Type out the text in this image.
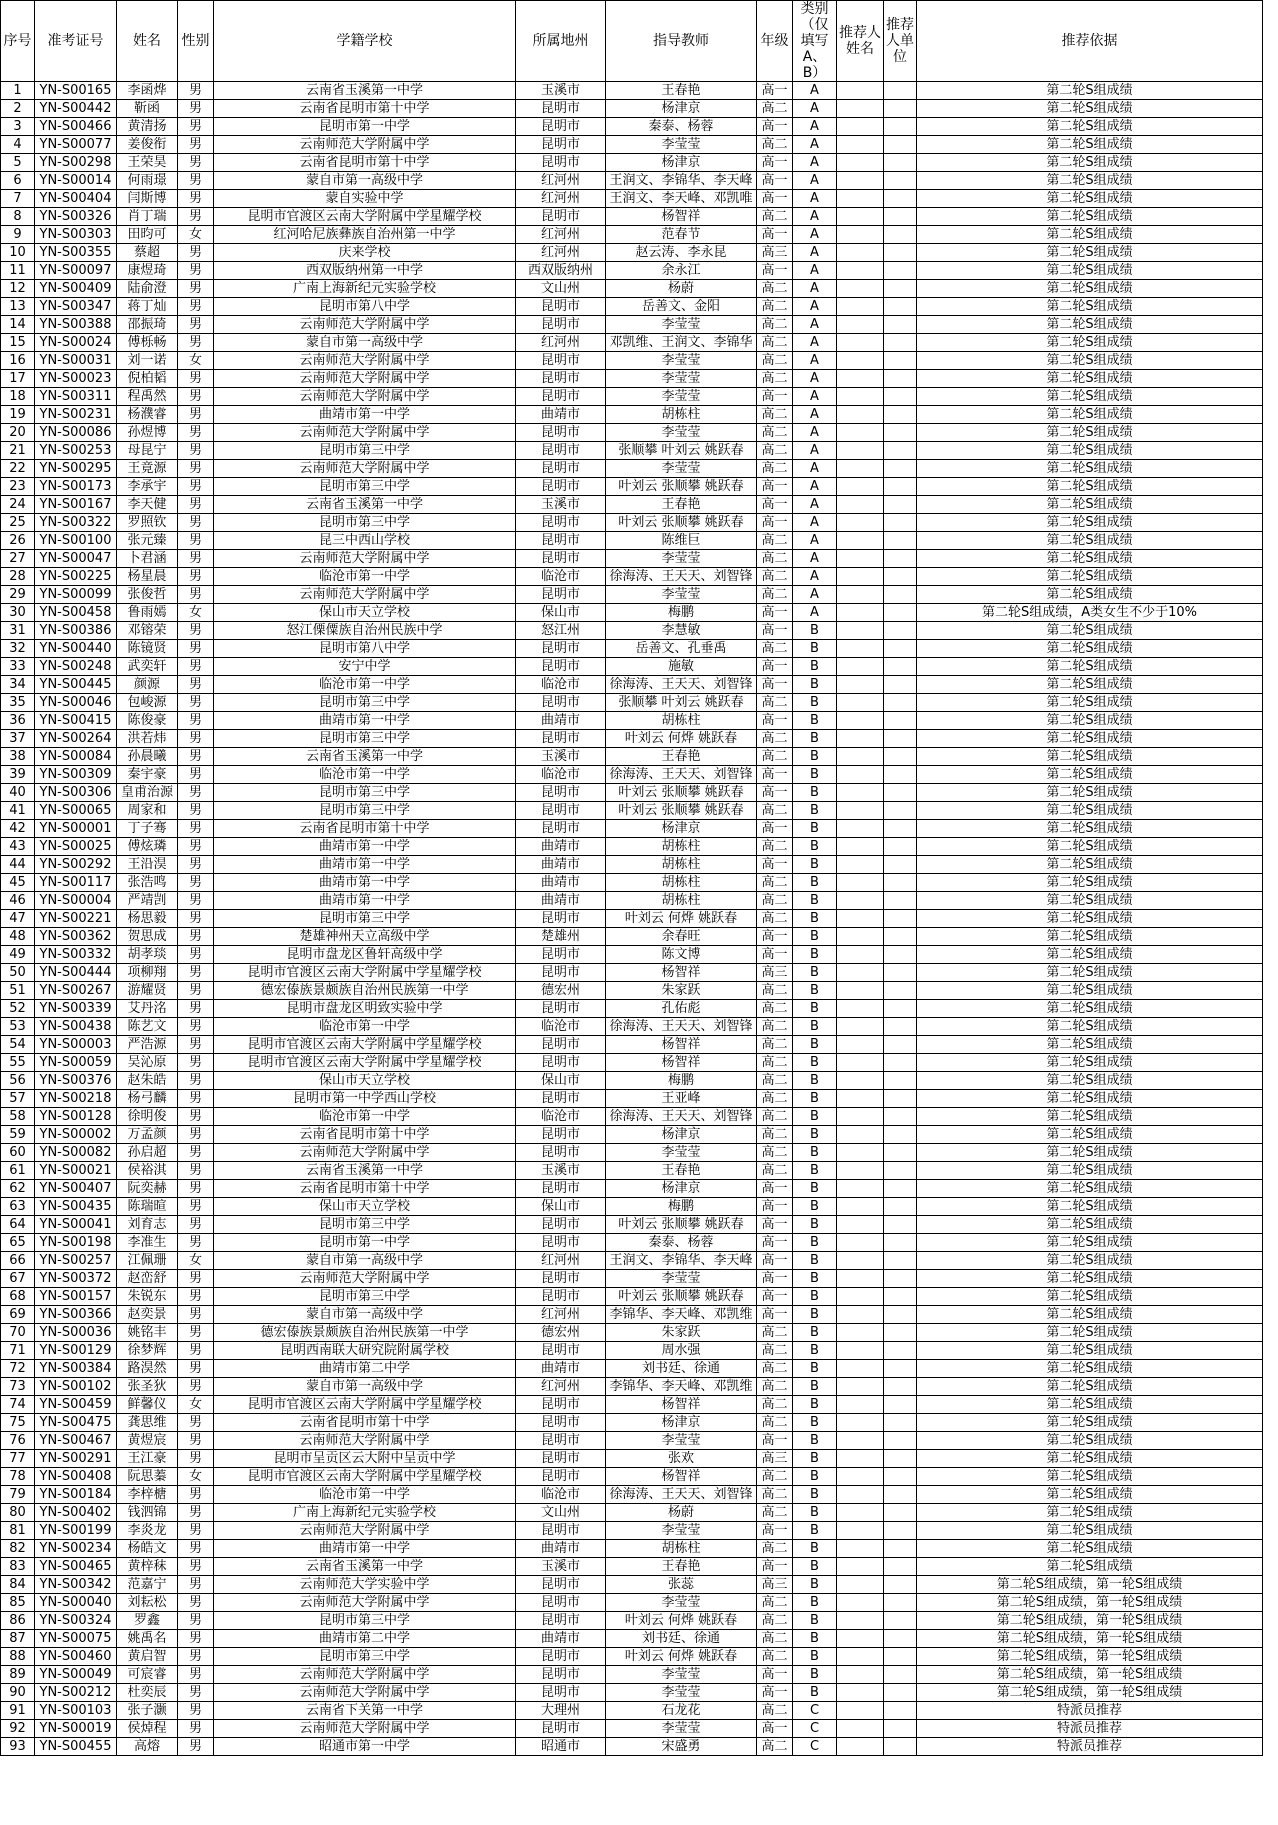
序号	准考证号	姓名	性别	学籍学校	所属地州	指导教师	年级	类别（仅填写A、B）	推荐人姓名	推荐人单位	推荐依据
1	YN-S00165	李函烨	男	云南省玉溪第一中学	玉溪市	王春艳	高一	A			第二轮S组成绩
2	YN-S00442	靳函	男	云南省昆明市第十中学	昆明市	杨津京	高二	A			第二轮S组成绩
3	YN-S00466	黄清扬	男	昆明市第一中学	昆明市	秦泰、杨蓉	高一	A			第二轮S组成绩
4	YN-S00077	姜俊衔	男	云南师范大学附属中学	昆明市	李莹莹	高二	A			第二轮S组成绩
5	YN-S00298	王荣昊	男	云南省昆明市第十中学	昆明市	杨津京	高一	A			第二轮S组成绩
6	YN-S00014	何雨璟	男	蒙自市第一高级中学	红河州	王润文、李锦华、李天峰	高一	A			第二轮S组成绩
7	YN-S00404	闫斯博	男	蒙自实验中学	红河州	王润文、李天峰、邓凯唯	高一	A			第二轮S组成绩
8	YN-S00326	肖丁瑞	男	昆明市官渡区云南大学附属中学星耀学校	昆明市	杨智祥	高二	A			第二轮S组成绩
9	YN-S00303	田昀可	女	红河哈尼族彝族自治州第一中学	红河州	范春节	高一	A			第二轮S组成绩
10	YN-S00355	蔡超	男	庆来学校	红河州	赵云涛、李永昆	高三	A			第二轮S组成绩
11	YN-S00097	康煜琦	男	西双版纳州第一中学	西双版纳州	余永江	高一	A			第二轮S组成绩
12	YN-S00409	陆俞澄	男	广南上海新纪元实验学校	文山州	杨蔚	高二	A			第二轮S组成绩
13	YN-S00347	蒋丁灿	男	昆明市第八中学	昆明市	岳善文、金阳	高二	A			第二轮S组成绩
14	YN-S00388	邵振琦	男	云南师范大学附属中学	昆明市	李莹莹	高二	A			第二轮S组成绩
15	YN-S00024	傅栎畅	男	蒙自市第一高级中学	红河州	邓凯维、王润文、李锦华	高二	A			第二轮S组成绩
16	YN-S00031	刘一诺	女	云南师范大学附属中学	昆明市	李莹莹	高二	A			第二轮S组成绩
17	YN-S00023	倪柏韬	男	云南师范大学附属中学	昆明市	李莹莹	高二	A			第二轮S组成绩
18	YN-S00311	程禹然	男	云南师范大学附属中学	昆明市	李莹莹	高一	A			第二轮S组成绩
19	YN-S00231	杨濮睿	男	曲靖市第一中学	曲靖市	胡栋柱	高二	A			第二轮S组成绩
20	YN-S00086	孙煜博	男	云南师范大学附属中学	昆明市	李莹莹	高二	A			第二轮S组成绩
21	YN-S00253	母昆宁	男	昆明市第三中学	昆明市	张顺攀 叶刘云 姚跃春	高二	A			第二轮S组成绩
22	YN-S00295	王竟源	男	云南师范大学附属中学	昆明市	李莹莹	高二	A			第二轮S组成绩
23	YN-S00173	李承宇	男	昆明市第三中学	昆明市	叶刘云 张顺攀 姚跃春	高一	A			第二轮S组成绩
24	YN-S00167	李天健	男	云南省玉溪第一中学	玉溪市	王春艳	高一	A			第二轮S组成绩
25	YN-S00322	罗照钦	男	昆明市第三中学	昆明市	叶刘云 张顺攀 姚跃春	高一	A			第二轮S组成绩
26	YN-S00100	张元臻	男	昆三中西山学校	昆明市	陈维巨	高二	A			第二轮S组成绩
27	YN-S00047	卜君涵	男	云南师范大学附属中学	昆明市	李莹莹	高二	A			第二轮S组成绩
28	YN-S00225	杨星晨	男	临沧市第一中学	临沧市	徐海涛、王天天、刘智锋	高二	A			第二轮S组成绩
29	YN-S00099	张俊哲	男	云南师范大学附属中学	昆明市	李莹莹	高二	A			第二轮S组成绩
30	YN-S00458	鲁雨嫣	女	保山市天立学校	保山市	梅鹏	高一	A			第二轮S组成绩，A类女生不少于10%
31	YN-S00386	邓镕荣	男	怒江傈僳族自治州民族中学	怒江州	李慧敏	高一	B			第二轮S组成绩
32	YN-S00440	陈镜贤	男	昆明市第八中学	昆明市	岳善文、孔垂禹	高二	B			第二轮S组成绩
33	YN-S00248	武奕轩	男	安宁中学	昆明市	施敏	高一	B			第二轮S组成绩
34	YN-S00445	颜源	男	临沧市第一中学	临沧市	徐海涛、王天天、刘智锋	高一	B			第二轮S组成绩
35	YN-S00046	包峻源	男	昆明市第三中学	昆明市	张顺攀 叶刘云 姚跃春	高二	B			第二轮S组成绩
36	YN-S00415	陈俊豪	男	曲靖市第一中学	曲靖市	胡栋柱	高一	B			第二轮S组成绩
37	YN-S00264	洪若炜	男	昆明市第三中学	昆明市	叶刘云 何烨 姚跃春	高二	B			第二轮S组成绩
38	YN-S00084	孙晨曦	男	云南省玉溪第一中学	玉溪市	王春艳	高二	B			第二轮S组成绩
39	YN-S00309	秦宇豪	男	临沧市第一中学	临沧市	徐海涛、王天天、刘智锋	高一	B			第二轮S组成绩
40	YN-S00306	皇甫治源	男	昆明市第三中学	昆明市	叶刘云 张顺攀 姚跃春	高一	B			第二轮S组成绩
41	YN-S00065	周家和	男	昆明市第三中学	昆明市	叶刘云 张顺攀 姚跃春	高二	B			第二轮S组成绩
42	YN-S00001	丁子骞	男	云南省昆明市第十中学	昆明市	杨津京	高一	B			第二轮S组成绩
43	YN-S00025	傅炫璘	男	曲靖市第一中学	曲靖市	胡栋柱	高二	B			第二轮S组成绩
44	YN-S00292	王沿淏	男	曲靖市第一中学	曲靖市	胡栋柱	高一	B			第二轮S组成绩
45	YN-S00117	张浩鸣	男	曲靖市第一中学	曲靖市	胡栋柱	高二	B			第二轮S组成绩
46	YN-S00004	严靖剀	男	曲靖市第一中学	曲靖市	胡栋柱	高二	B			第二轮S组成绩
47	YN-S00221	杨思毅	男	昆明市第三中学	昆明市	叶刘云 何烨 姚跃春	高二	B			第二轮S组成绩
48	YN-S00362	贺思成	男	楚雄神州天立高级中学	楚雄州	余春旺	高一	B			第二轮S组成绩
49	YN-S00332	胡孝琰	男	昆明市盘龙区鲁轩高级中学	昆明市	陈文博	高一	B			第二轮S组成绩
50	YN-S00444	项柳翔	男	昆明市官渡区云南大学附属中学星耀学校	昆明市	杨智祥	高三	B			第二轮S组成绩
51	YN-S00267	游耀贤	男	德宏傣族景颇族自治州民族第一中学	德宏州	朱家跃	高二	B			第二轮S组成绩
52	YN-S00339	艾丹洺	男	昆明市盘龙区明致实验中学	昆明市	孔佑彪	高二	B			第二轮S组成绩
53	YN-S00438	陈艺文	男	临沧市第一中学	临沧市	徐海涛、王天天、刘智锋	高二	B			第二轮S组成绩
54	YN-S00003	严浩源	男	昆明市官渡区云南大学附属中学星耀学校	昆明市	杨智祥	高二	B			第二轮S组成绩
55	YN-S00059	吴沁原	男	昆明市官渡区云南大学附属中学星耀学校	昆明市	杨智祥	高二	B			第二轮S组成绩
56	YN-S00376	赵朱皓	男	保山市天立学校	保山市	梅鹏	高二	B			第二轮S组成绩
57	YN-S00218	杨弓麟	男	昆明市第一中学西山学校	昆明市	王亚峰	高二	B			第二轮S组成绩
58	YN-S00128	徐明俊	男	临沧市第一中学	临沧市	徐海涛、王天天、刘智锋	高二	B			第二轮S组成绩
59	YN-S00002	万孟颜	男	云南省昆明市第十中学	昆明市	杨津京	高二	B			第二轮S组成绩
60	YN-S00082	孙启超	男	云南师范大学附属中学	昆明市	李莹莹	高二	B			第二轮S组成绩
61	YN-S00021	侯裕淇	男	云南省玉溪第一中学	玉溪市	王春艳	高二	B			第二轮S组成绩
62	YN-S00407	阮奕赫	男	云南省昆明市第十中学	昆明市	杨津京	高一	B			第二轮S组成绩
63	YN-S00435	陈瑞暄	男	保山市天立学校	保山市	梅鹏	高一	B			第二轮S组成绩
64	YN-S00041	刘育志	男	昆明市第三中学	昆明市	叶刘云 张顺攀 姚跃春	高一	B			第二轮S组成绩
65	YN-S00198	李准生	男	昆明市第一中学	昆明市	秦泰、杨蓉	高一	B			第二轮S组成绩
66	YN-S00257	江佩珊	女	蒙自市第一高级中学	红河州	王润文、李锦华、李天峰	高一	B			第二轮S组成绩
67	YN-S00372	赵峦舒	男	云南师范大学附属中学	昆明市	李莹莹	高一	B			第二轮S组成绩
68	YN-S00157	朱锐东	男	昆明市第三中学	昆明市	叶刘云 张顺攀 姚跃春	高一	B			第二轮S组成绩
69	YN-S00366	赵奕景	男	蒙自市第一高级中学	红河州	李锦华、李天峰、邓凯维	高一	B			第二轮S组成绩
70	YN-S00036	姚铭丰	男	德宏傣族景颇族自治州民族第一中学	德宏州	朱家跃	高二	B			第二轮S组成绩
71	YN-S00129	徐梦辉	男	昆明西南联大研究院附属学校	昆明市	周水强	高二	B			第二轮S组成绩
72	YN-S00384	路淏然	男	曲靖市第二中学	曲靖市	刘书廷、徐通	高二	B			第二轮S组成绩
73	YN-S00102	张圣狄	男	蒙自市第一高级中学	红河州	李锦华、李天峰、邓凯维	高二	B			第二轮S组成绩
74	YN-S00459	鲜馨仪	女	昆明市官渡区云南大学附属中学星耀学校	昆明市	杨智祥	高二	B			第二轮S组成绩
75	YN-S00475	龚思维	男	云南省昆明市第十中学	昆明市	杨津京	高二	B			第二轮S组成绩
76	YN-S00467	黄煜宸	男	云南师范大学附属中学	昆明市	李莹莹	高一	B			第二轮S组成绩
77	YN-S00291	王江豪	男	昆明市呈贡区云大附中呈贡中学	昆明市	张欢	高三	B			第二轮S组成绩
78	YN-S00408	阮思蓁	女	昆明市官渡区云南大学附属中学星耀学校	昆明市	杨智祥	高二	B			第二轮S组成绩
79	YN-S00184	李梓榶	男	临沧市第一中学	临沧市	徐海涛、王天天、刘智锋	高二	B			第二轮S组成绩
80	YN-S00402	钱泗锦	男	广南上海新纪元实验学校	文山州	杨蔚	高二	B			第二轮S组成绩
81	YN-S00199	李炎龙	男	云南师范大学附属中学	昆明市	李莹莹	高一	B			第二轮S组成绩
82	YN-S00234	杨皓文	男	曲靖市第一中学	曲靖市	胡栋柱	高二	B			第二轮S组成绩
83	YN-S00465	黄梓秣	男	云南省玉溪第一中学	玉溪市	王春艳	高一	B			第二轮S组成绩
84	YN-S00342	范嘉宁	男	云南师范大学实验中学	昆明市	张蕊	高三	B			第二轮S组成绩，第一轮S组成绩
85	YN-S00040	刘耘松	男	云南师范大学附属中学	昆明市	李莹莹	高二	B			第二轮S组成绩，第一轮S组成绩
86	YN-S00324	罗鑫	男	昆明市第三中学	昆明市	叶刘云 何烨 姚跃春	高二	B			第二轮S组成绩，第一轮S组成绩
87	YN-S00075	姚禹名	男	曲靖市第二中学	曲靖市	刘书廷、徐通	高二	B			第二轮S组成绩，第一轮S组成绩
88	YN-S00460	黄启智	男	昆明市第三中学	昆明市	叶刘云 何烨 姚跃春	高二	B			第二轮S组成绩，第一轮S组成绩
89	YN-S00049	可宸睿	男	云南师范大学附属中学	昆明市	李莹莹	高一	B			第二轮S组成绩，第一轮S组成绩
90	YN-S00212	杜奕辰	男	云南师范大学附属中学	昆明市	李莹莹	高一	B			第二轮S组成绩，第一轮S组成绩
91	YN-S00103	张子灏	男	云南省下关第一中学	大理州	石龙花	高二	C			特派员推荐
92	YN-S00019	侯焯程	男	云南师范大学附属中学	昆明市	李莹莹	高一	C			特派员推荐
93	YN-S00455	高熔	男	昭通市第一中学	昭通市	宋盛勇	高二	C			特派员推荐
